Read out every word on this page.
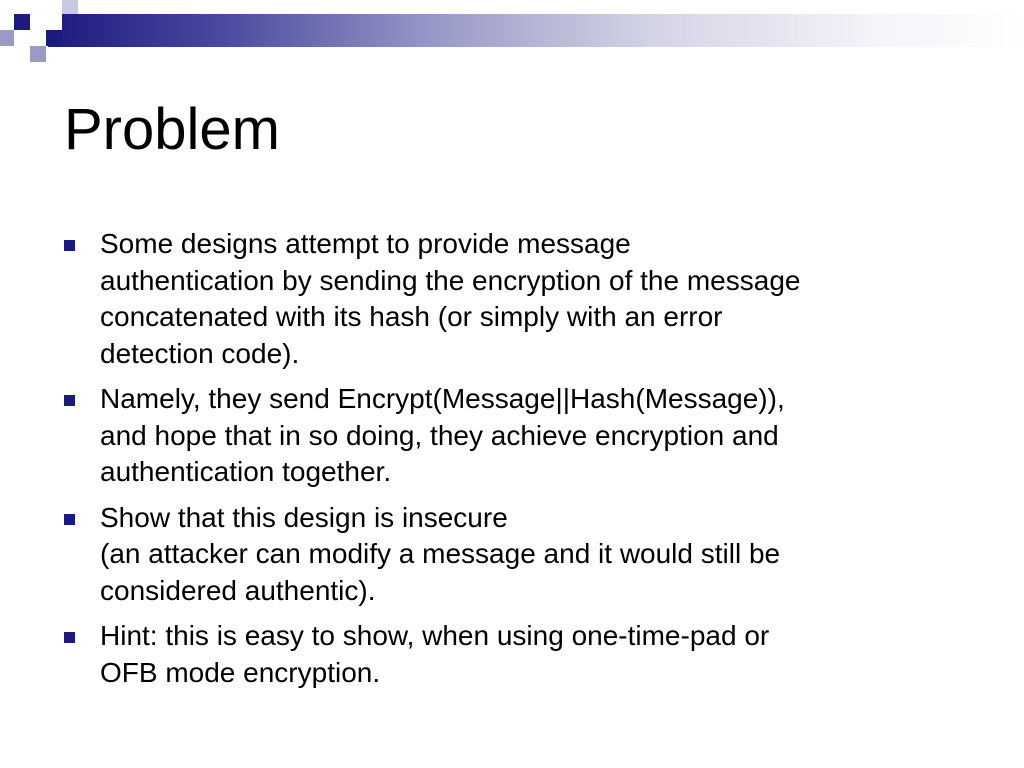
Problem
Some designs attempt to provide message
authentication by sending the encryption of the message
concatenated with its hash (or simply with an error
detection code).
Namely, they send Encrypt(Message||Hash(Message)),
and hope that in so doing, they achieve encryption and
authentication together.
Show that this design is insecure
(an attacker can modify a message and it would still be
considered authentic).
Hint: this is easy to show, when using one-time-pad or
OFB mode encryption.
